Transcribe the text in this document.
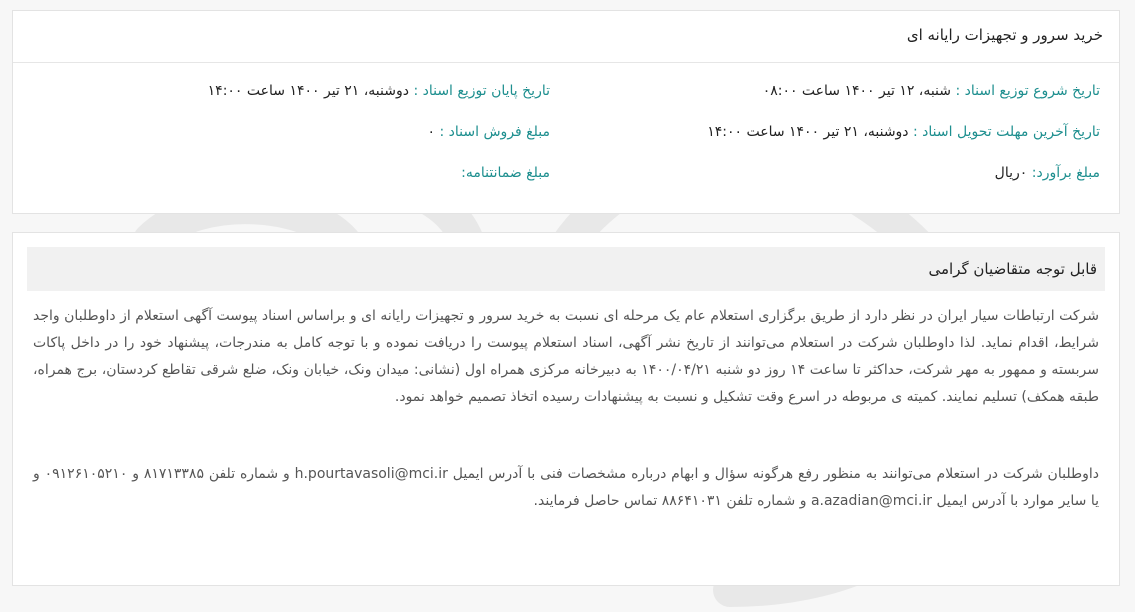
خرید سرور و تجهیزات رایانه ای
تاریخ شروع توزیع اسناد : شنبه، ۱۲ تیر ۱۴۰۰ ساعت ۰۸:۰۰
تاریخ پایان توزیع اسناد : دوشنبه، ۲۱ تیر ۱۴۰۰ ساعت ۱۴:۰۰
تاریخ آخرین مهلت تحویل اسناد : دوشنبه، ۲۱ تیر ۱۴۰۰ ساعت ۱۴:۰۰
مبلغ فروش اسناد : ۰
مبلغ برآورد: ۰ریال
مبلغ ضمانتنامه:
قابل توجه متقاضیان گرامی

شرکت ارتباطات سیار ایران در نظر دارد از طریق برگزاری استعلام عام یک مرحله ای نسبت به خرید سرور و تجهیزات رایانه ای و براساس اسناد پیوست آگهی استعلام از داوطلبان واجد شرایط، اقدام نماید. لذا داوطلبان شرکت در استعلام می‌توانند از تاریخ نشر آگهی، اسناد استعلام پیوست را دریافت نموده و با توجه کامل به مندرجات، پیشنهاد خود را در داخل پاکات سربسته و ممهور به مهر شرکت، حداکثر تا ساعت ۱۴ روز دو شنبه ۱۴۰۰/۰۴/۲۱ به دبیرخانه مرکزی همراه اول (نشانی: میدان ونک، خیابان ونک، ضلع شرقی تقاطع کردستان، برج همراه، طبقه همکف) تسلیم نمایند. کمیته ی مربوطه در اسرع وقت تشکیل و نسبت به پیشنهادات رسیده اتخاذ تصمیم خواهد نمود.

داوطلبان شرکت در استعلام می‌توانند به منظور رفع هرگونه سؤال و ابهام درباره مشخصات فنی با آدرس ایمیل h.pourtavasoli@mci.ir و شماره تلفن ۸۱۷۱۳۳۸۵ و ۰۹۱۲۶۱۰۵۲۱۰ و یا سایر موارد با آدرس ایمیل a.azadian@mci.ir و شماره تلفن ۸۸۶۴۱۰۳۱ تماس حاصل فرمایند.
